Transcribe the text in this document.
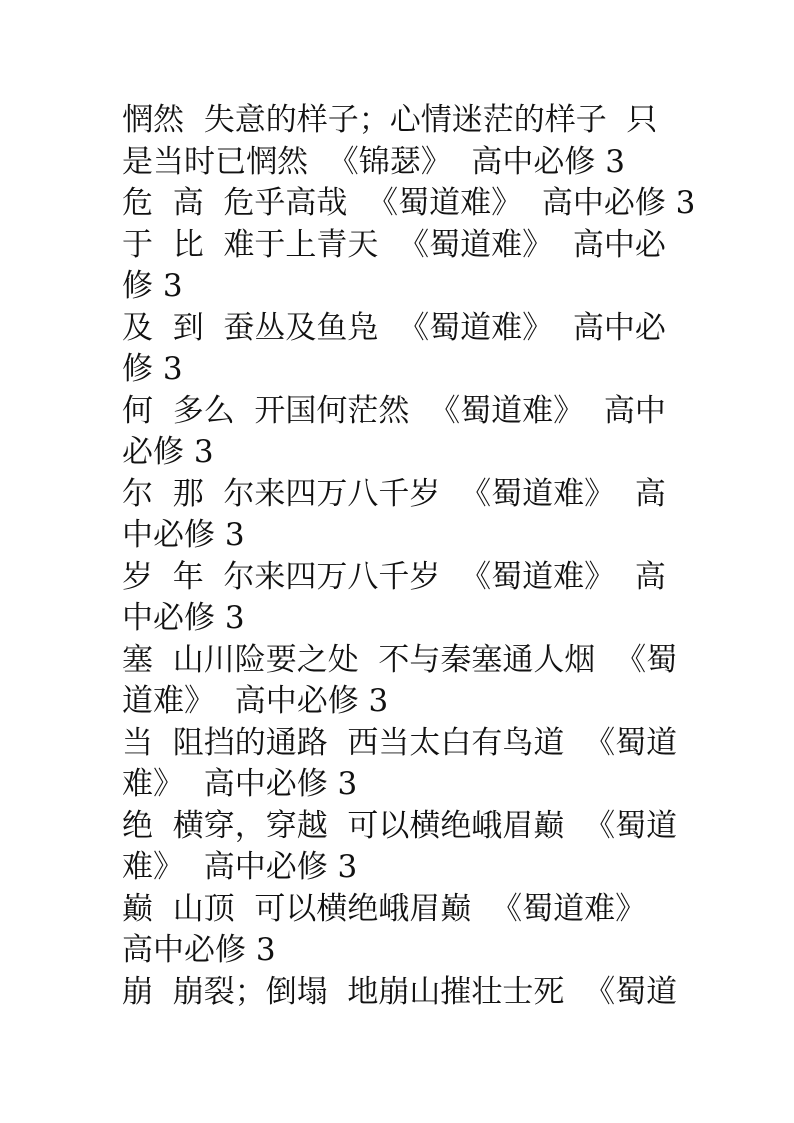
惘然  失意的样子；心情迷茫的样子  只
是当时已惘然  《锦瑟》  高中必修 3
危  高  危乎高哉  《蜀道难》  高中必修 3
于  比  难于上青天  《蜀道难》  高中必
修 3
及  到  蚕丛及鱼凫  《蜀道难》  高中必
修 3
何  多么  开国何茫然  《蜀道难》  高中
必修 3
尔  那  尔来四万八千岁  《蜀道难》  高
中必修 3
岁  年  尔来四万八千岁  《蜀道难》  高
中必修 3
塞  山川险要之处  不与秦塞通人烟  《蜀
道难》  高中必修 3
当  阻挡的通路  西当太白有鸟道  《蜀道
难》  高中必修 3
绝  横穿，穿越  可以横绝峨眉巅  《蜀道
难》  高中必修 3
巅  山顶  可以横绝峨眉巅  《蜀道难》
高中必修 3
崩  崩裂；倒塌  地崩山摧壮士死  《蜀道
